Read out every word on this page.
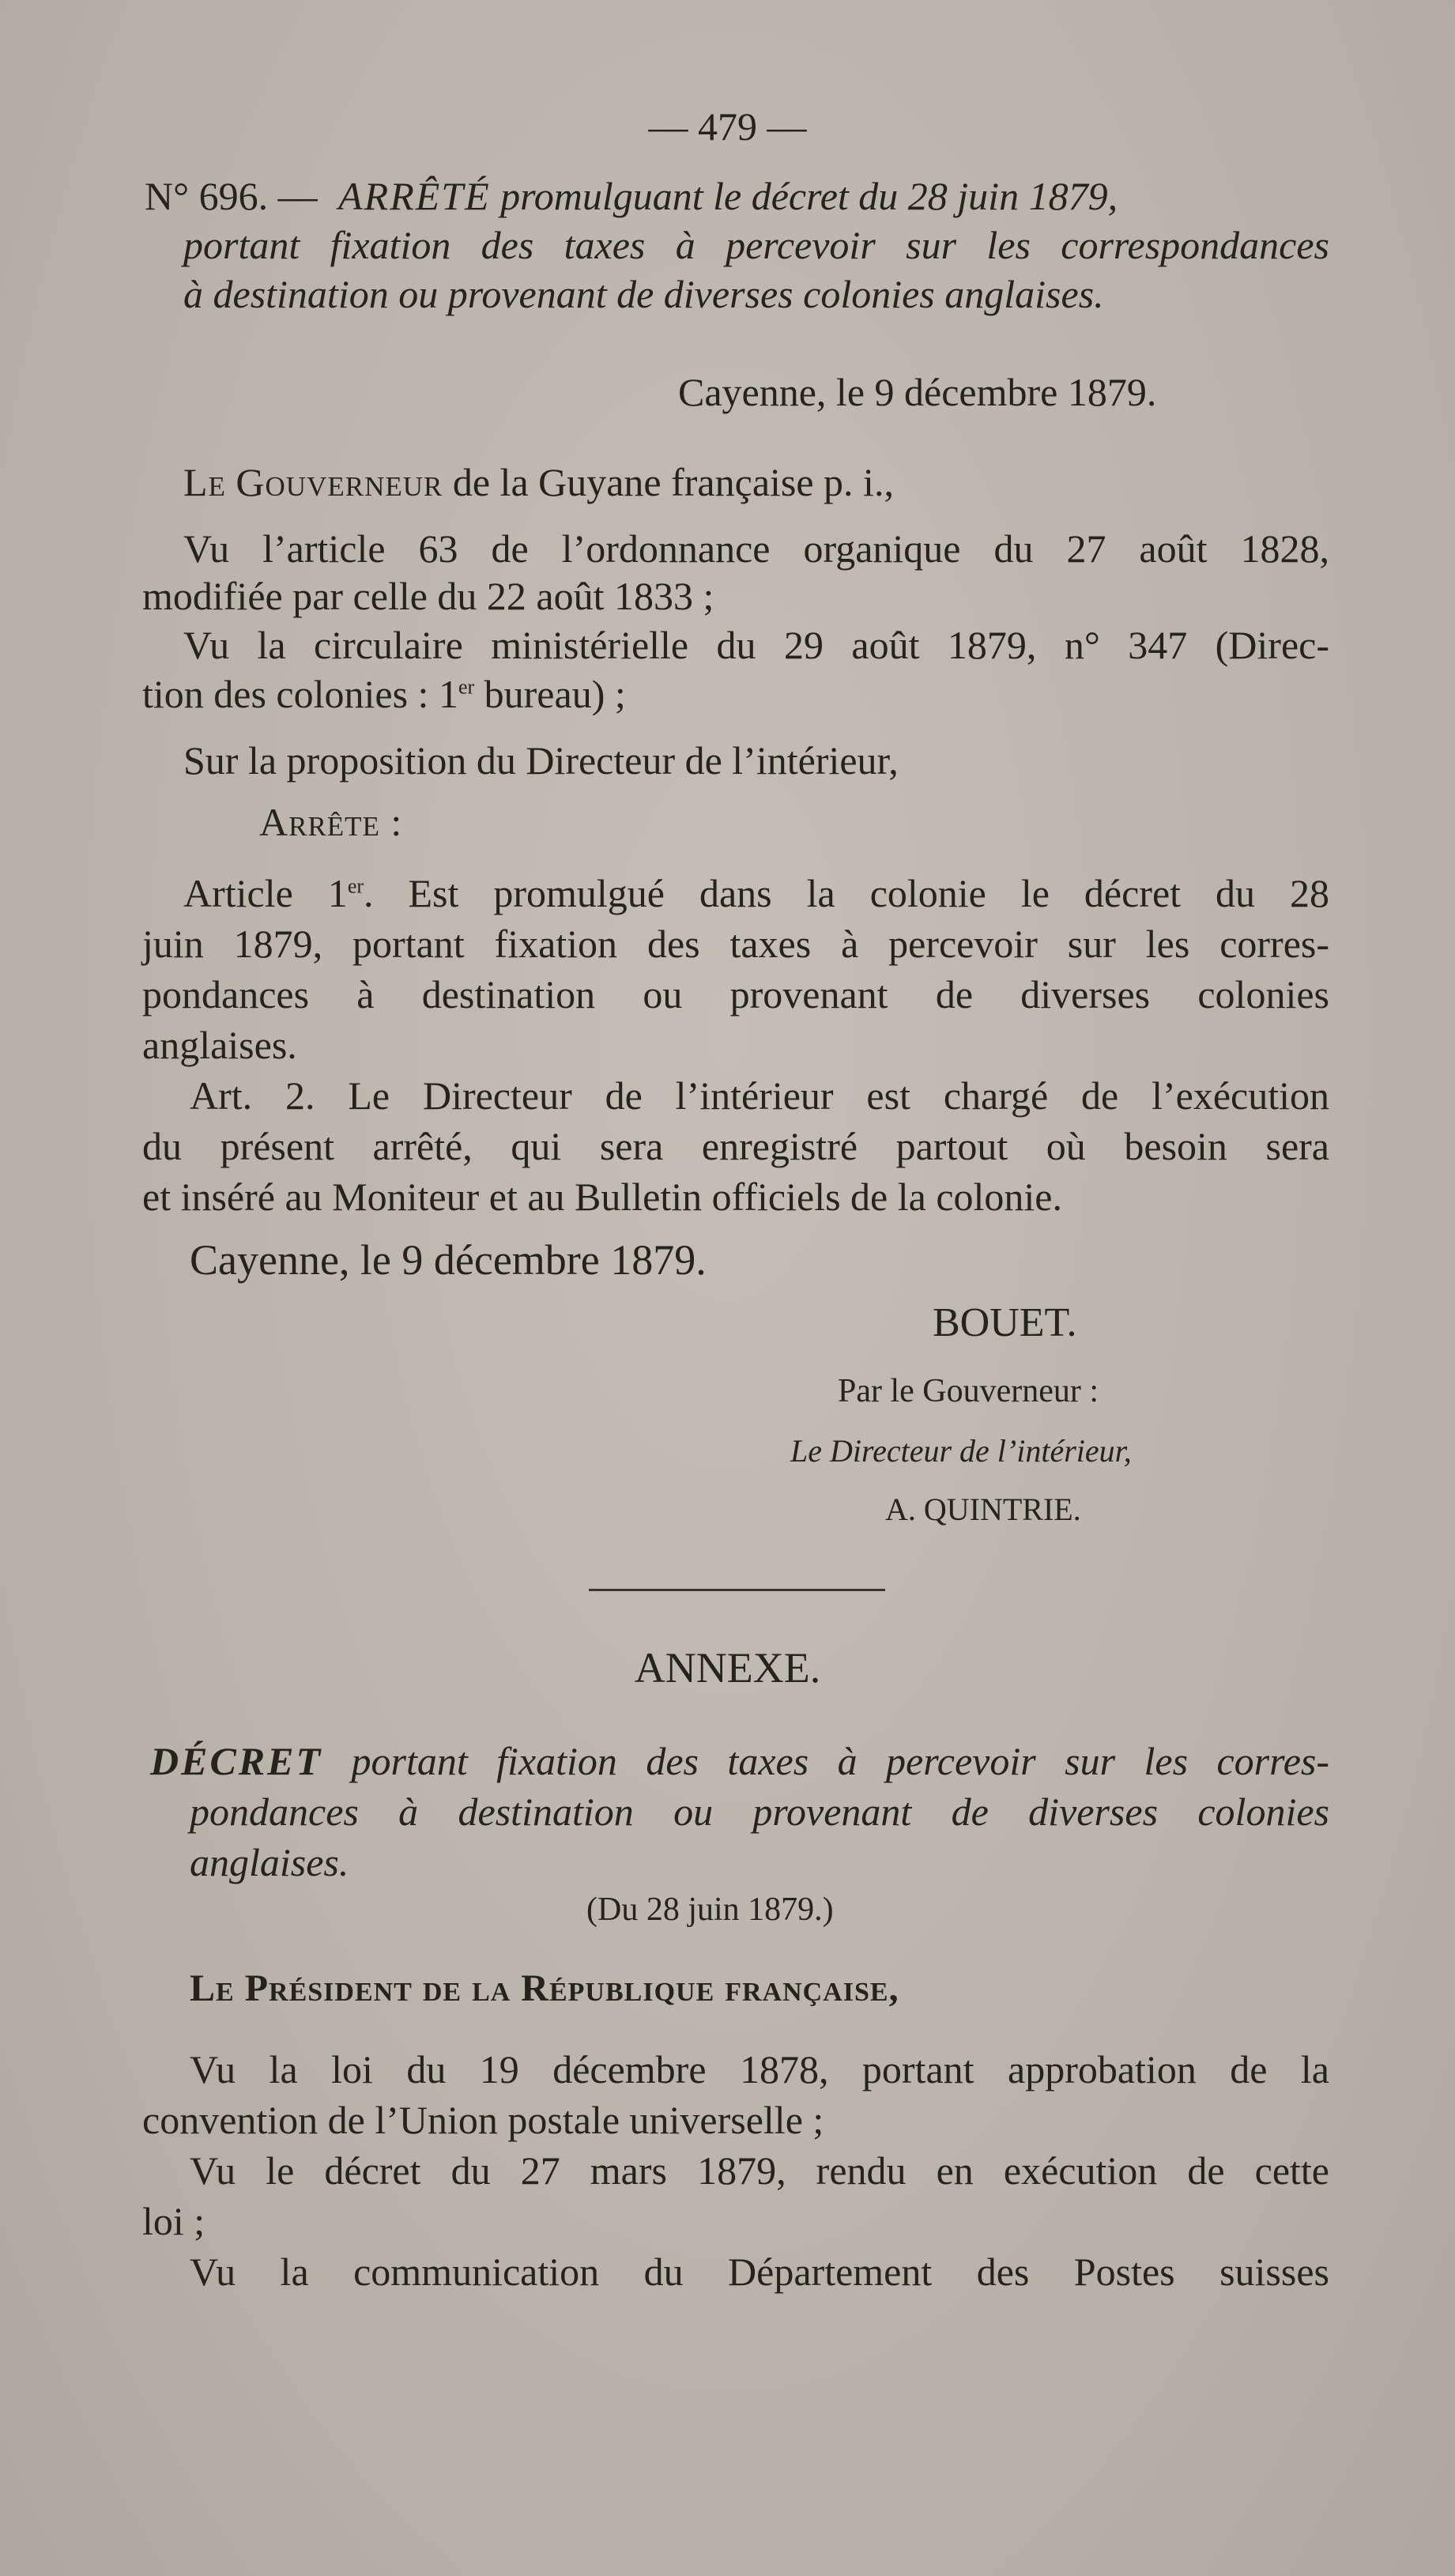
— 479 —
N° 696. — ARRÊTÉ promulguant le décret du 28 juin 1879,
portant fixation des taxes à percevoir sur les correspondances
à destination ou provenant de diverses colonies anglaises.
Cayenne, le 9 décembre 1879.
Le Gouverneur de la Guyane française p. i.,
Vu l’article 63 de l’ordonnance organique du 27 août 1828,
modifiée par celle du 22 août 1833 ;
Vu la circulaire ministérielle du 29 août 1879, n° 347 (Direc-
tion des colonies : 1er bureau) ;
Sur la proposition du Directeur de l’intérieur,
Arrête :
Article 1er. Est promulgué dans la colonie le décret du 28
juin 1879, portant fixation des taxes à percevoir sur les corres-
pondances à destination ou provenant de diverses colonies
anglaises.
Art. 2. Le Directeur de l’intérieur est chargé de l’exécution
du présent arrêté, qui sera enregistré partout où besoin sera
et inséré au Moniteur et au Bulletin officiels de la colonie.
Cayenne, le 9 décembre 1879.
BOUET.
Par le Gouverneur :
Le Directeur de l’intérieur,
A. QUINTRIE.
ANNEXE.
DÉCRET portant fixation des taxes à percevoir sur les corres-
pondances à destination ou provenant de diverses colonies
anglaises.
(Du 28 juin 1879.)
Le Président de la République française,
Vu la loi du 19 décembre 1878, portant approbation de la
convention de l’Union postale universelle ;
Vu le décret du 27 mars 1879, rendu en exécution de cette
loi ;
Vu la communication du Département des Postes suisses
